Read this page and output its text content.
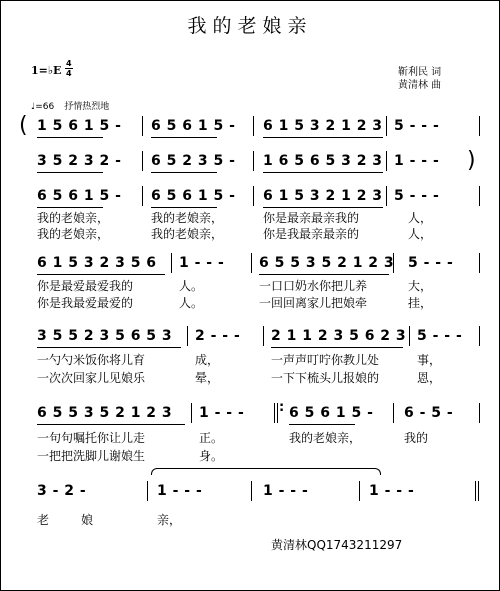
我的老娘亲
1=♭E
4
4	靳利民 词
黄清林 曲
♩=66 抒情热烈地
( 1 5 6 1 5 - 6 5 6 1 5 - 6 1 5 3 2 1 2 3 5 - - -
3 5 2 3 2 - 6 5 2 3 5 - 1 6 5 6 5 3 2 3 1 - - - )
6 5 6 1 5 - 6 5 6 1 5 - 6 1 5 3 2 1 2 3 5 - - -
我的老娘亲，	我的老娘亲，	你是最亲最亲我的	人，
我的老娘亲，	我的老娘亲，	你是我最亲最亲的	人，
6 1 5 3 2 3 5 6 1 - - - 6 5 5 3 5 2 1 2 3 5 - - -
你是最爱最爱我的	人。	一口口奶水你把儿养	大，
你是我最爱最爱的	人。	一回回离家儿把娘牵	挂，
3 5 5 2 3 5 6 5 3 2 - - - 2 1 1 2 3 5 6 2 3 5 - - -
一勺勺米饭你将儿育	成，	一声声叮咛你教儿处	事，
一次次回家儿见娘乐	晕，	一下下梳头儿报娘的	恩，
6 5 5 3 5 2 1 2 3 1 - - -	: 6 5 6 1 5 - 6 - 5 -
一句句嘱托你让儿走	正。	我的老娘亲，	我的
一把把洗脚儿谢娘生	身。
3 - 2 -	1 - - -	1 - - -	1 - - -
老	娘	亲，
黄清林QQ1743211297
